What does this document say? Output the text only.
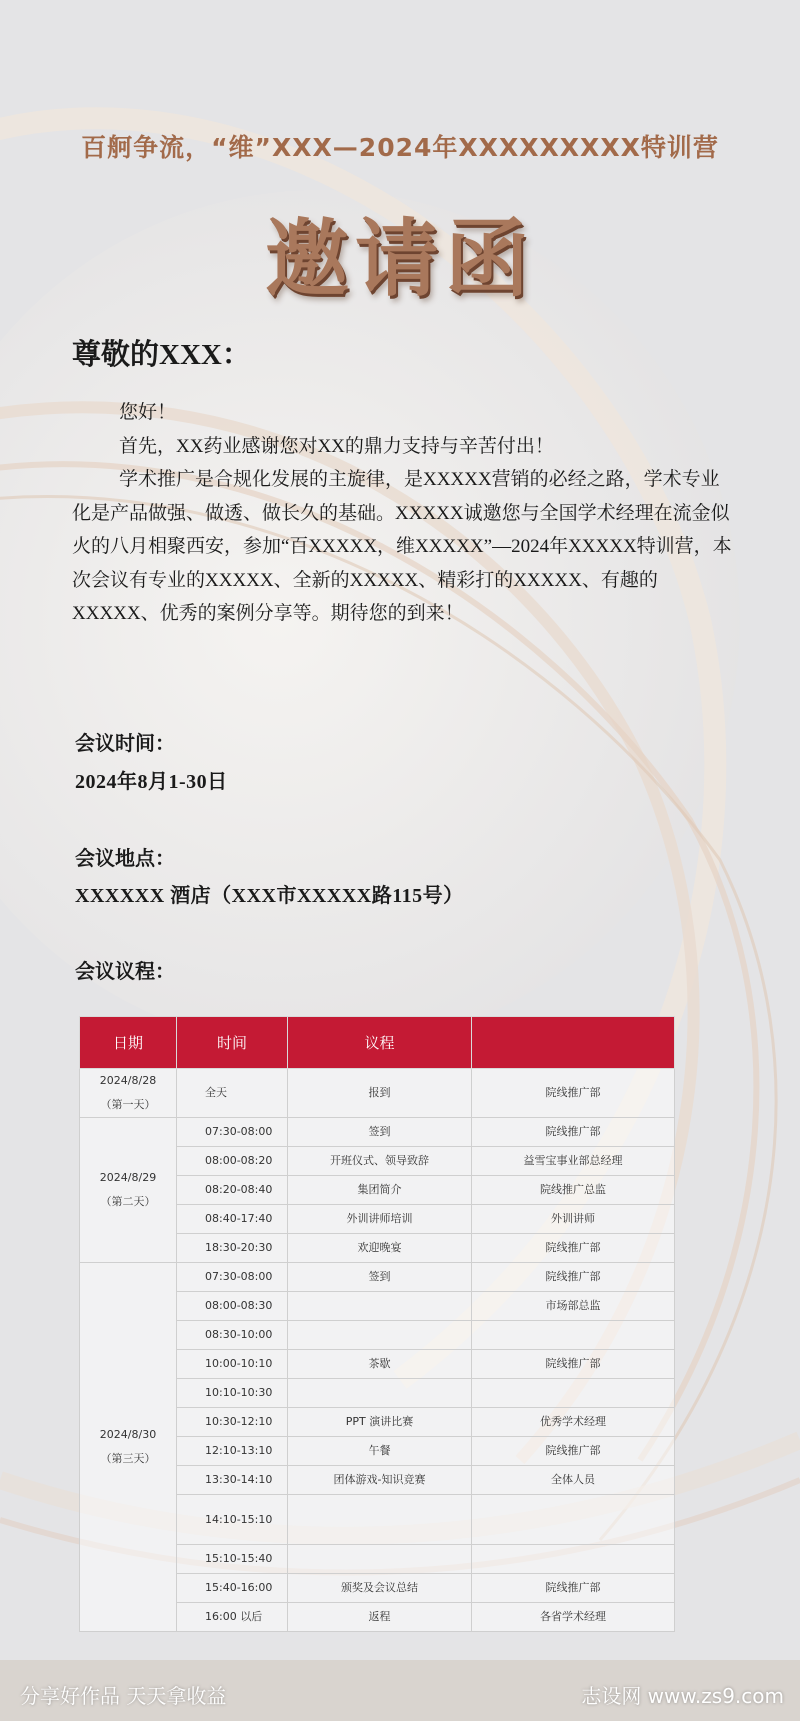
百舸争流，“维”XXX—2024年XXXXXXXXX特训营
邀请函
尊敬的XXX：

您好！

首先，XX药业感谢您对XX的鼎力支持与辛苦付出！

学术推广是合规化发展的主旋律，是XXXXX营销的必经之路，学术专业化是产品做强、做透、做长久的基础。XXXXX诚邀您与全国学术经理在流金似火的八月相聚西安，参加“百XXXXX，维XXXXX”—2024年XXXXX特训营，本次会议有专业的XXXXX、全新的XXXXX、精彩打的XXXXX、有趣的XXXXX、优秀的案例分享等。期待您的到来！

会议时间：
2024年8月1-30日
会议地点：
XXXXXX 酒店（XXX市XXXXX路115号）
会议议程：
日期	时间	议程	

2024/8/28
（第一天）	全天	报到	院线推广部

2024/8/29
（第二天）	07:30-08:00	签到	院线推广部
	08:00-08:20	开班仪式、领导致辞	益雪宝事业部总经理
	08:20-08:40	集团简介	院线推广总监
	08:40-17:40	外训讲师培训	外训讲师
	18:30-20:30	欢迎晚宴	院线推广部

2024/8/30
（第三天）	07:30-08:00	签到	院线推广部
	08:00-08:30		市场部总监
	08:30-10:00		
	10:00-10:10	茶歇	院线推广部
	10:10-10:30		
	10:30-12:10	PPT 演讲比赛	优秀学术经理
	12:10-13:10	午餐	院线推广部
	13:30-14:10	团体游戏-知识竞赛	全体人员
	14:10-15:10		
	15:10-15:40		
	15:40-16:00	颁奖及会议总结	院线推广部
	16:00 以后	返程	各省学术经理
分享好作品 天天拿收益	志设网 www.zs9.com
